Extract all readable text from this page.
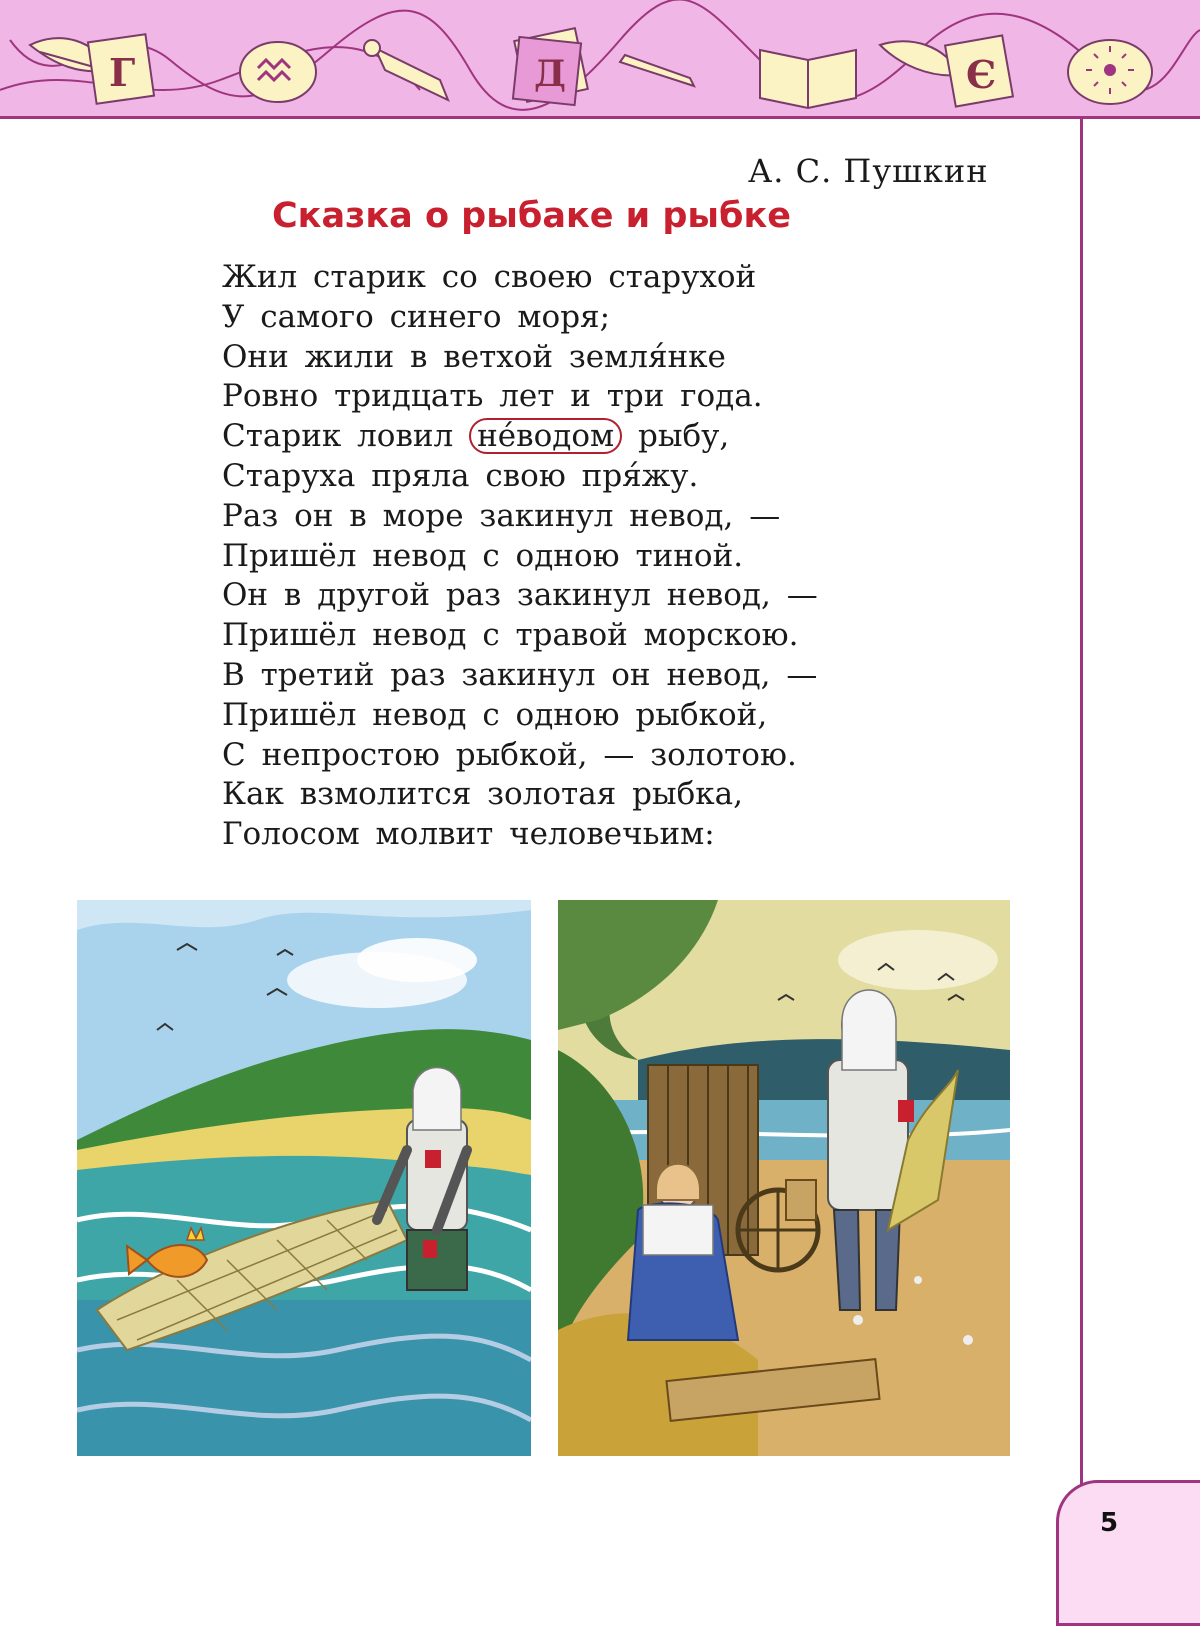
Г	Д	Є
5
А. С. Пушкин
Сказка о рыбаке и рыбке
Жил старик со своею старухой
У самого синего моря;
Они жили в ветхой земля́нке
Ровно тридцать лет и три года.
Старик ловил не́водом рыбу,
Старуха пряла свою пря́жу.
Раз он в море закинул невод, —
Пришёл невод с одною тиной.
Он в другой раз закинул невод, —
Пришёл невод с травой морскою.
В третий раз закинул он невод, —
Пришёл невод с одною рыбкой,
С непростою рыбкой, — золотою.
Как взмолится золотая рыбка,
Голосом молвит человечьим:
